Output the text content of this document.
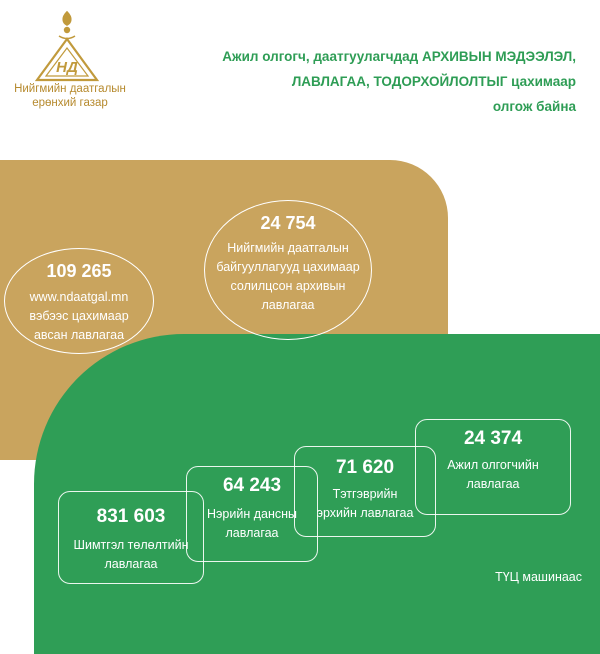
НД
Нийгмийн даатгалын
ерөнхий газар
Ажил олгогч, даатгуулагчдад АРХИВЫН МЭДЭЭЛЭЛ,
ЛАВЛАГАА, ТОДОРХОЙЛОЛТЫГ цахимаар
олгож байна
109 265
www.ndaatgal.mn
вэбээс цахимаар
авсан лавлагаа
24 754
Нийгмийн даатгалын
байгууллагууд цахимаар
солилцсон архивын
лавлагаа
831 603
Шимтгэл төлөлтийн
лавлагаа
64 243
Нэрийн дансны
лавлагаа
71 620
Тэтгэврийн
эрхийн лавлагаа
24 374
Ажил олгогчийн
лавлагаа
ТҮЦ машинаас
